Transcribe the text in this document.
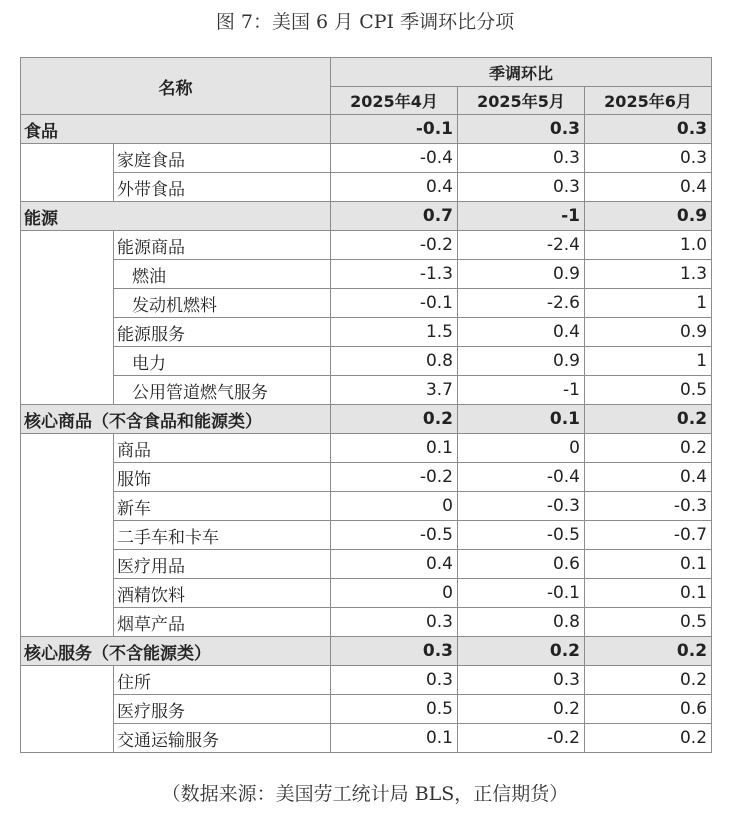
图 7：美国 6 月 CPI 季调环比分项
名称		季调环比		
		2025年4月	2025年5月	2025年6月
食品		-0.1	0.3	0.3
	家庭食品	-0.4	0.3	0.3
	外带食品	0.4	0.3	0.4
能源		0.7	-1	0.9
	能源商品	-0.2	-2.4	1.0
	燃油	-1.3	0.9	1.3
	发动机燃料	-0.1	-2.6	1
	能源服务	1.5	0.4	0.9
	电力	0.8	0.9	1
	公用管道燃气服务	3.7	-1	0.5
核心商品（不含食品和能源类）		0.2	0.1	0.2
	商品	0.1	0	0.2
	服饰	-0.2	-0.4	0.4
	新车	0	-0.3	-0.3
	二手车和卡车	-0.5	-0.5	-0.7
	医疗用品	0.4	0.6	0.1
	酒精饮料	0	-0.1	0.1
	烟草产品	0.3	0.8	0.5
核心服务（不含能源类）		0.3	0.2	0.2
	住所	0.3	0.3	0.2
	医疗服务	0.5	0.2	0.6
	交通运输服务	0.1	-0.2	0.2
（数据来源：美国劳工统计局 BLS，正信期货）
